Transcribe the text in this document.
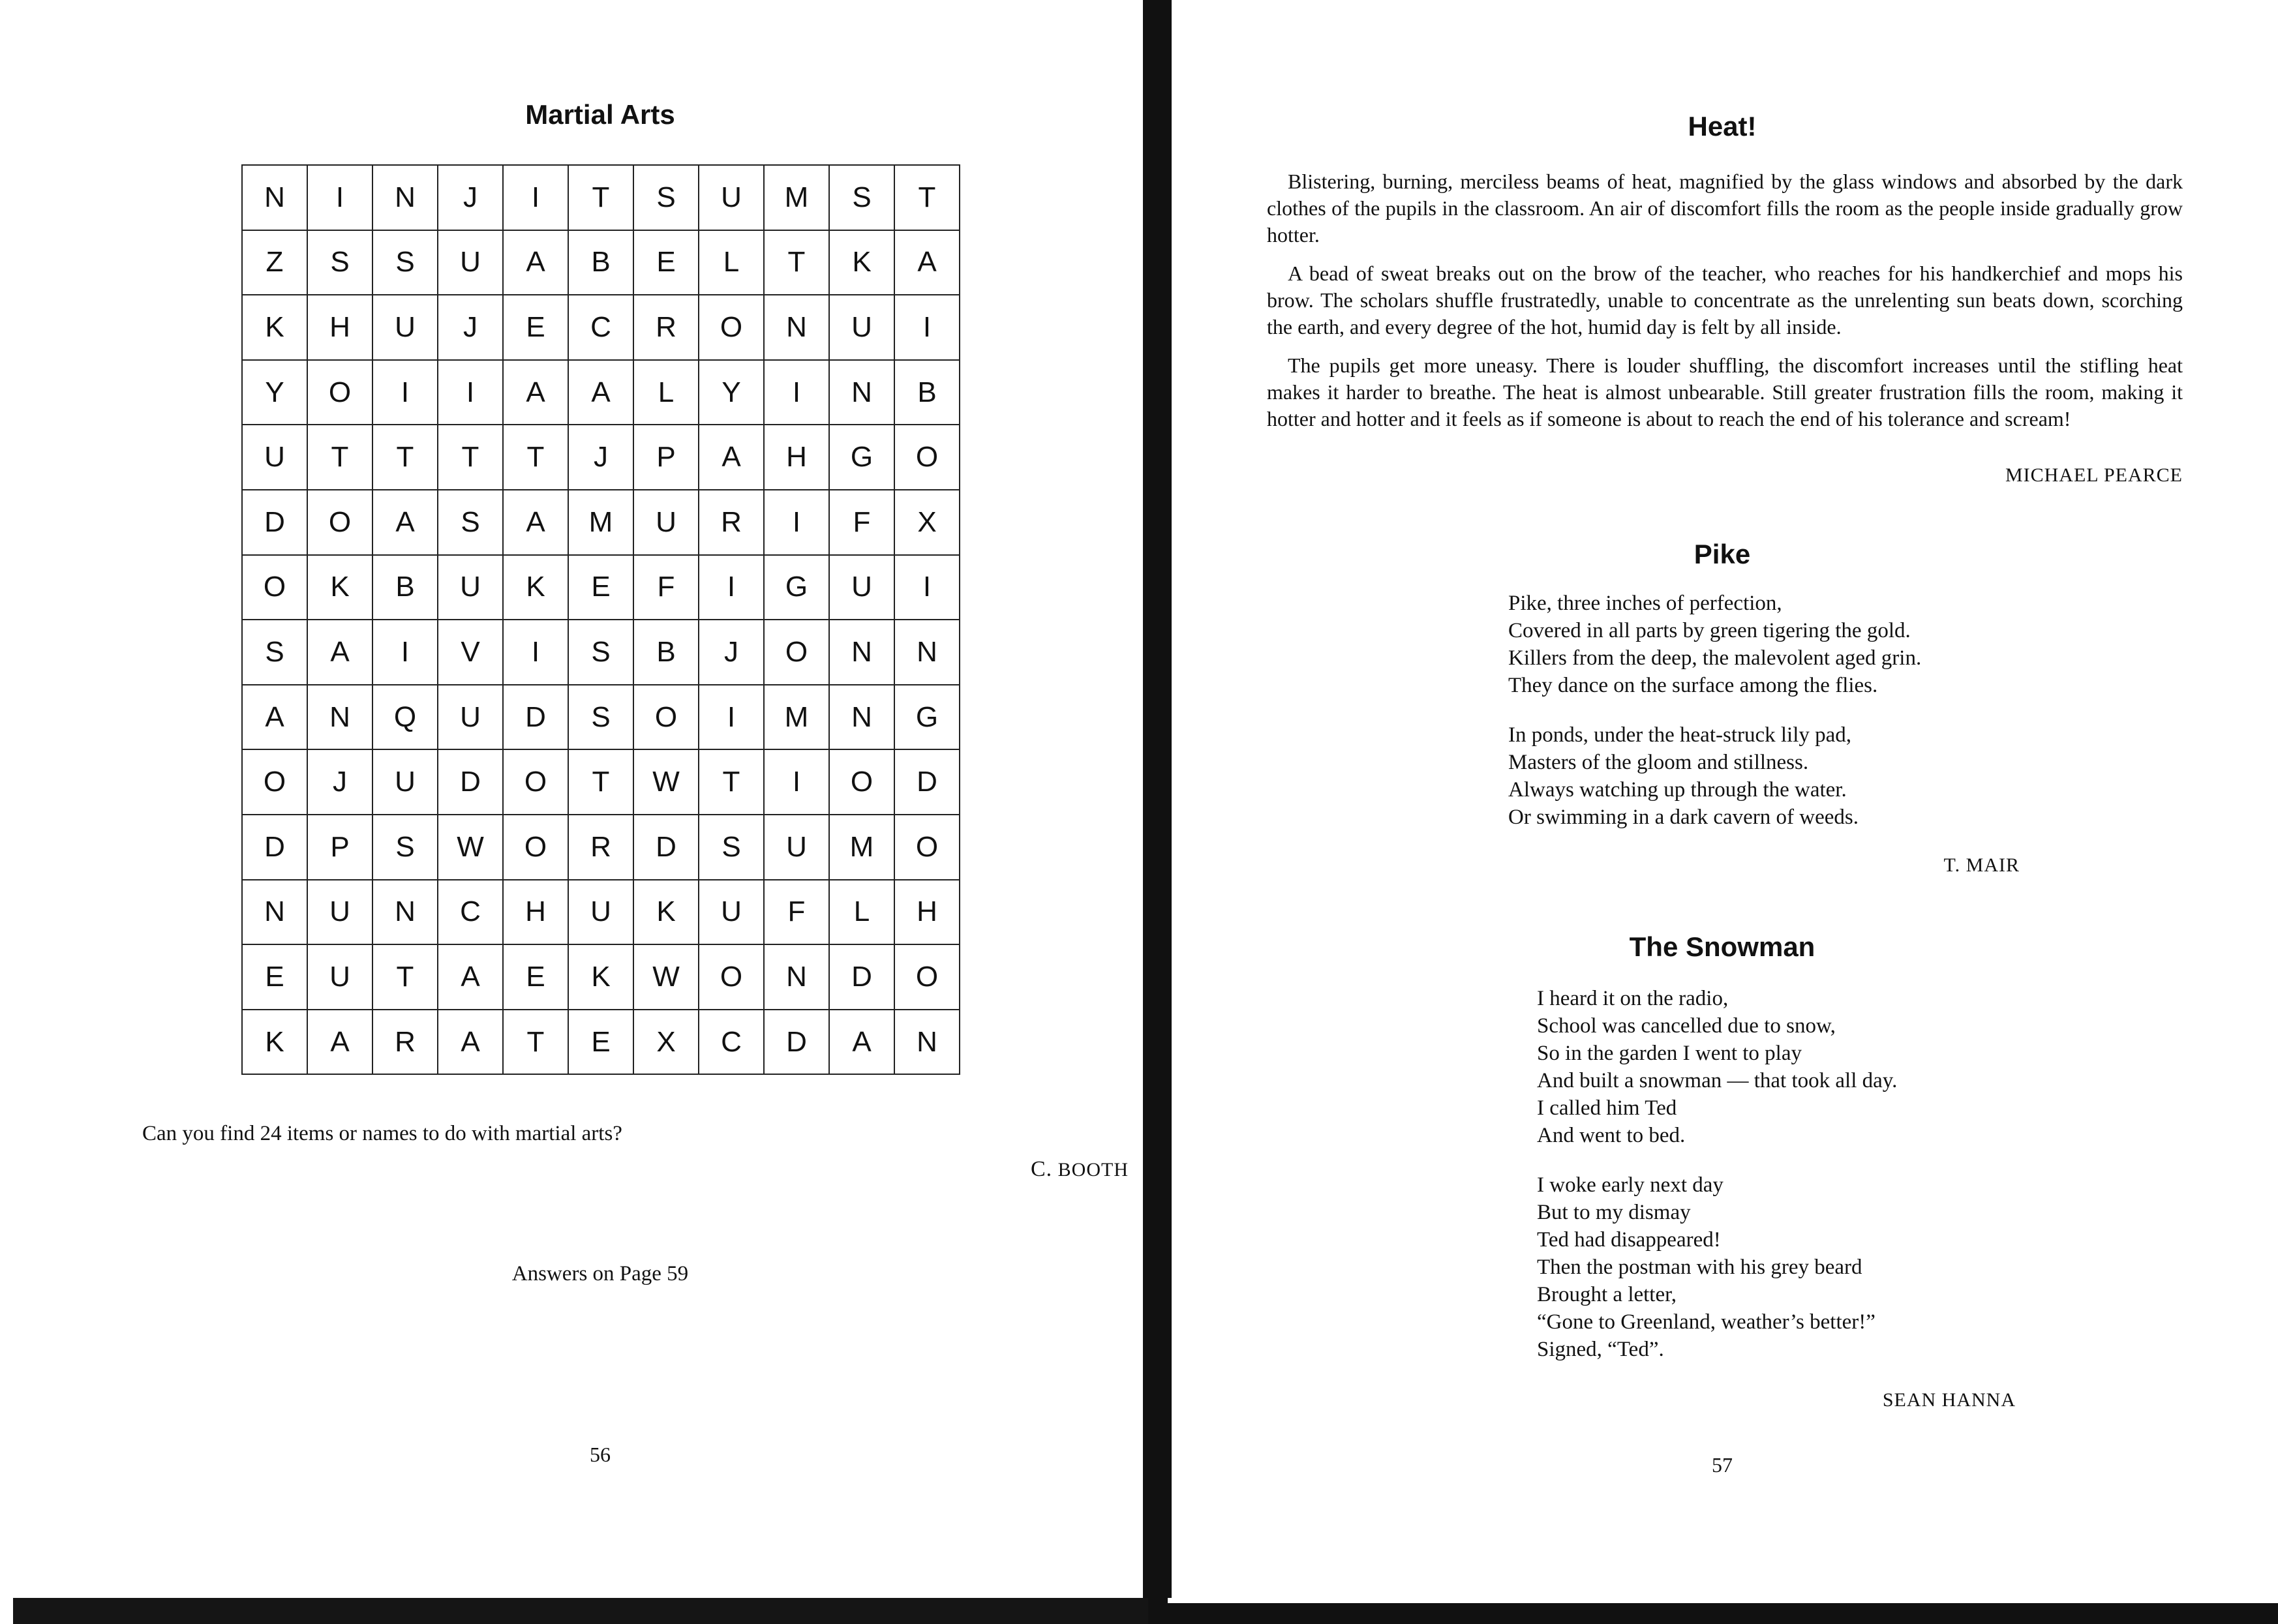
Martial Arts
N	I	N	J	I	T	S	U	M	S	T
Z	S	S	U	A	B	E	L	T	K	A
K	H	U	J	E	C	R	O	N	U	I
Y	O	I	I	A	A	L	Y	I	N	B
U	T	T	T	T	J	P	A	H	G	O
D	O	A	S	A	M	U	R	I	F	X
O	K	B	U	K	E	F	I	G	U	I
S	A	I	V	I	S	B	J	O	N	N
A	N	Q	U	D	S	O	I	M	N	G
O	J	U	D	O	T	W	T	I	O	D
D	P	S	W	O	R	D	S	U	M	O
N	U	N	C	H	U	K	U	F	L	H
E	U	T	A	E	K	W	O	N	D	O
K	A	R	A	T	E	X	C	D	A	N

Can you find 24 items or names to do with martial arts?

C. BOOTH

Answers on Page 59

56

Heat!

Blistering, burning, merciless beams of heat, magnified by the glass windows and absorbed by the dark clothes of the pupils in the classroom. An air of discomfort fills the room as the people inside gradually grow hotter.

A bead of sweat breaks out on the brow of the teacher, who reaches for his handkerchief and mops his brow. The scholars shuffle frustratedly, unable to concentrate as the unrelenting sun beats down, scorching the earth, and every degree of the hot, humid day is felt by all inside.

The pupils get more uneasy. There is louder shuffling, the discomfort increases until the stifling heat makes it harder to breathe. The heat is almost unbearable. Still greater frustration fills the room, making it hotter and hotter and it feels as if someone is about to reach the end of his tolerance and scream!

MICHAEL PEARCE

Pike

Pike, three inches of perfection,

Covered in all parts by green tigering the gold.

Killers from the deep, the malevolent aged grin.

They dance on the surface among the flies.

In ponds, under the heat-struck lily pad,

Masters of the gloom and stillness.

Always watching up through the water.

Or swimming in a dark cavern of weeds.

T. MAIR

The Snowman

I heard it on the radio,

School was cancelled due to snow,

So in the garden I went to play

And built a snowman — that took all day.

I called him Ted

And went to bed.

I woke early next day

But to my dismay

Ted had disappeared!

Then the postman with his grey beard

Brought a letter,

“Gone to Greenland, weather’s better!”

Signed, “Ted”.

SEAN HANNA

57
